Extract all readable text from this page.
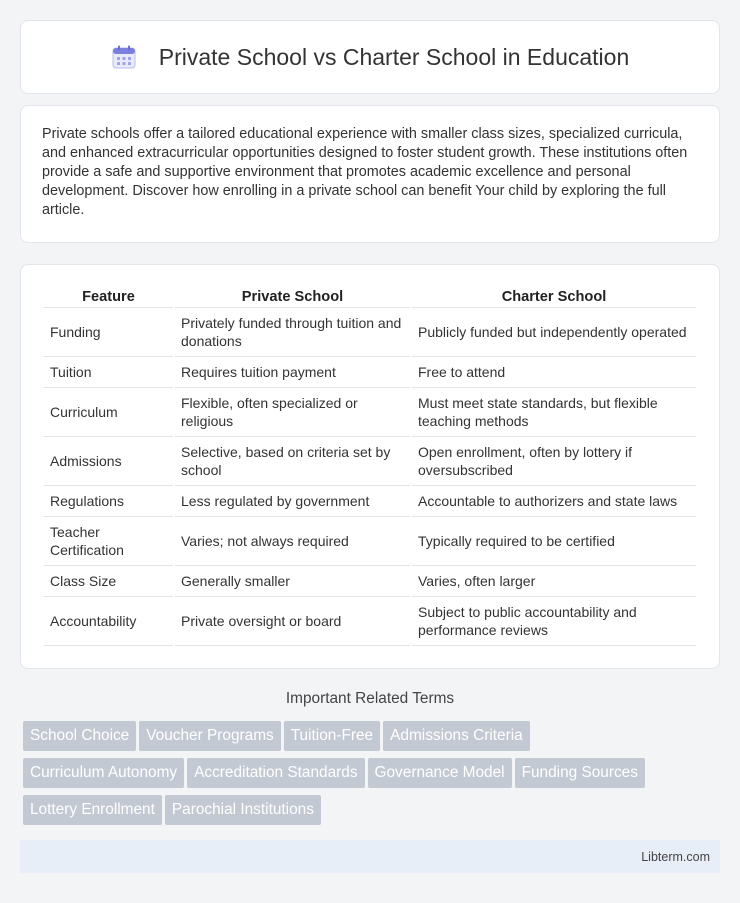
Private School vs Charter School in Education

Private schools offer a tailored educational experience with smaller class sizes, specialized curricula, and enhanced extracurricular opportunities designed to foster student growth. These institutions often provide a safe and supportive environment that promotes academic excellence and personal development. Discover how enrolling in a private school can benefit Your child by exploring the full article.

Feature	Private School	Charter School
Funding	Privately funded through tuition and donations	Publicly funded but independently operated
Tuition	Requires tuition payment	Free to attend
Curriculum	Flexible, often specialized or religious	Must meet state standards, but flexible teaching methods
Admissions	Selective, based on criteria set by school	Open enrollment, often by lottery if oversubscribed
Regulations	Less regulated by government	Accountable to authorizers and state laws
Teacher Certification	Varies; not always required	Typically required to be certified
Class Size	Generally smaller	Varies, often larger
Accountability	Private oversight or board	Subject to public accountability and performance reviews
Important Related Terms
School Choice Voucher Programs Tuition-Free Admissions Criteria
Curriculum Autonomy Accreditation Standards Governance Model Funding Sources
Lottery Enrollment Parochial Institutions
Libterm.com
